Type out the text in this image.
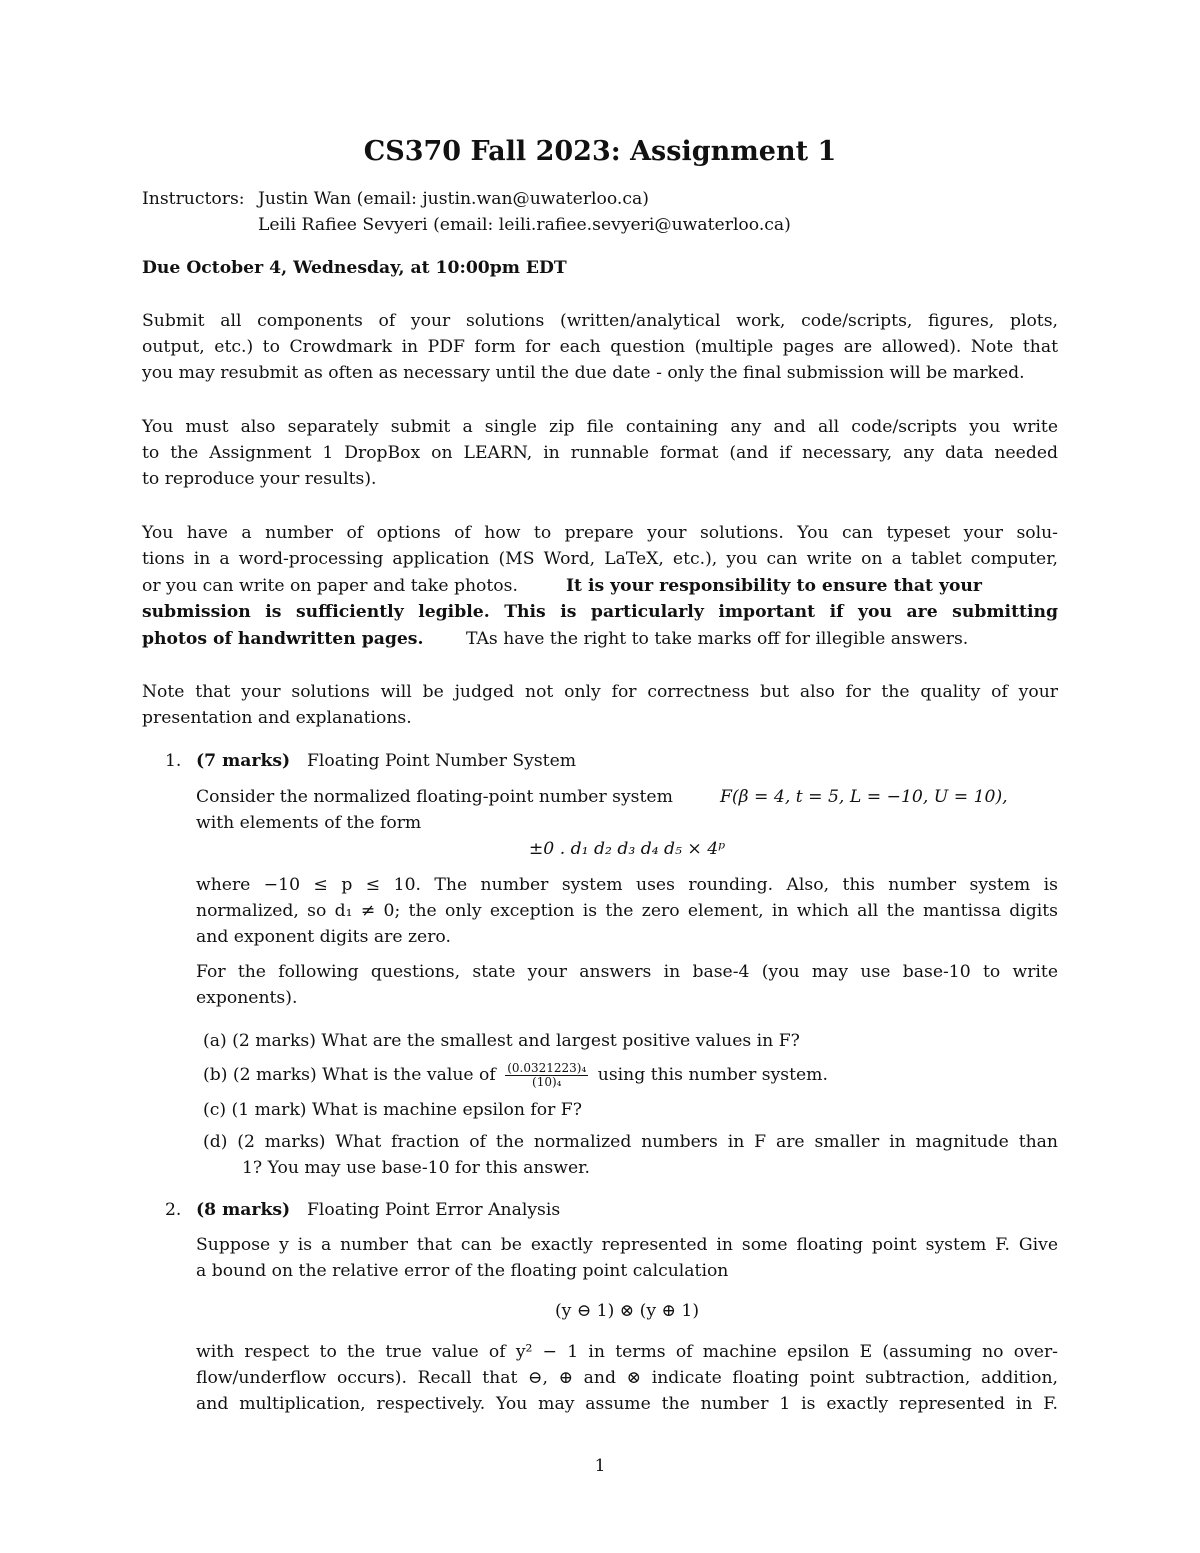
CS370 Fall 2023: Assignment 1
Instructors: Justin Wan (email: justin.wan@uwaterloo.ca)
Leili Rafiee Sevyeri (email: leili.rafiee.sevyeri@uwaterloo.ca)
Due October 4, Wednesday, at 10:00pm EDT
Submit all components of your solutions (written/analytical work, code/scripts, figures, plots,
output, etc.) to Crowdmark in PDF form for each question (multiple pages are allowed). Note that
you may resubmit as often as necessary until the due date - only the final submission will be marked.
You must also separately submit a single zip file containing any and all code/scripts you write
to the Assignment 1 DropBox on LEARN, in runnable format (and if necessary, any data needed
to reproduce your results).
You have a number of options of how to prepare your solutions. You can typeset your solu-
tions in a word-processing application (MS Word, LaTeX, etc.), you can write on a tablet computer,
or you can write on paper and take photos.	It is your responsibility to ensure that your
submission is sufficiently legible. This is particularly important if you are submitting
photos of handwritten pages. TAs have the right to take marks off for illegible answers.
Note that your solutions will be judged not only for correctness but also for the quality of your
presentation and explanations.
1. (7 marks) Floating Point Number System
Consider the normalized floating-point number system	F(β = 4, t = 5, L = −10, U = 10),
with elements of the form
±0 . d₁ d₂ d₃ d₄ d₅ × 4ᵖ
where −10 ≤ p ≤ 10. The number system uses rounding. Also, this number system is
normalized, so d₁ ≠ 0; the only exception is the zero element, in which all the mantissa digits
and exponent digits are zero.
For the following questions, state your answers in base-4 (you may use base-10 to write
exponents).
(a) (2 marks) What are the smallest and largest positive values in F?
(b) (2 marks) What is the value of $\frac{\text{(0.0321223)₄}}{\text{(10)₄}}$ using this number system.
(c) (1 mark) What is machine epsilon for F?
(d) (2 marks) What fraction of the normalized numbers in F are smaller in magnitude than
1? You may use base-10 for this answer.
2. (8 marks) Floating Point Error Analysis
Suppose y is a number that can be exactly represented in some floating point system F. Give
a bound on the relative error of the floating point calculation
(y ⊖ 1) ⊗ (y ⊕ 1)
with respect to the true value of y² − 1 in terms of machine epsilon E (assuming no over-
flow/underflow occurs). Recall that ⊖, ⊕ and ⊗ indicate floating point subtraction, addition,
and multiplication, respectively. You may assume the number 1 is exactly represented in F.
1
